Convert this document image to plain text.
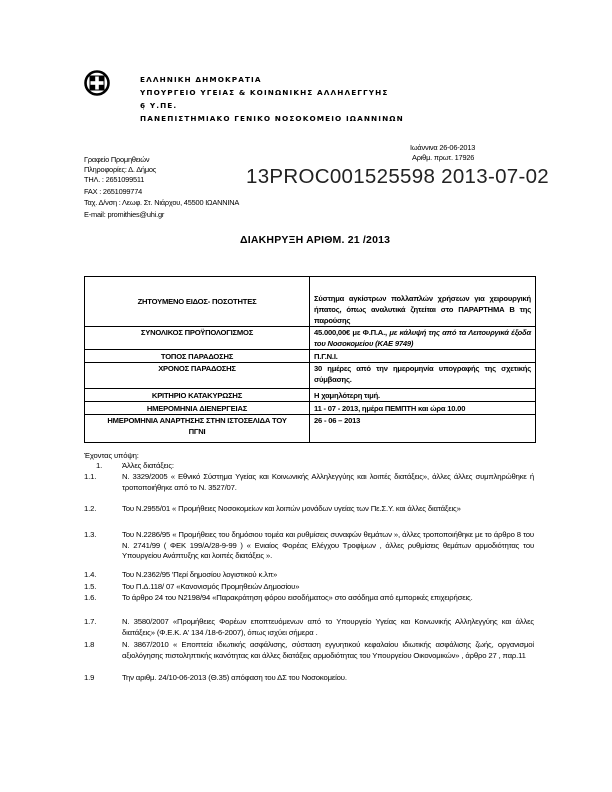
ΕΛΛΗΝΙΚΗ ΔΗΜΟΚΡΑΤΙΑ
ΥΠΟΥΡΓΕΙΟ ΥΓΕΙΑΣ & ΚΟΙΝΩΝΙΚΗΣ ΑΛΛΗΛΕΓΓΥΗΣ
6ͅ Υ.ΠΕ.
ΠΑΝΕΠΙΣΤΗΜΙΑΚΟ ΓΕΝΙΚΟ ΝΟΣΟΚΟΜΕΙΟ ΙΩΑΝΝΙΝΩΝ
Ιωάννινα 26-06-2013
Αριθμ. πρωτ. 17926
Γραφείο Προμηθειών
Πληροφορίες: Δ. Δήμος
ΤΗΛ. : 2651099511
FAX : 2651099774
Ταχ. Δ/νση : Λεωφ. Στ. Νιάρχου, 45500 ΙΩΑΝΝΙΝΑ
E-mail: promithies@uhi.gr
13PROC001525598 2013-07-02
ΔΙΑΚΗΡΥΞΗ ΑΡΙΘΜ. 21 /2013
ΖΗΤΟΥΜΕΝΟ ΕΙΔΟΣ- ΠΟΣΟΤΗΤΕΣ	Σύστημα αγκίστρων πολλαπλών χρήσεων για χειρουργική ήπατος, όπως αναλυτικά ζητείται στο ΠΑΡΑΡΤΗΜΑ Β της παρούσης
ΣΥΝΟΛΙΚΟΣ ΠΡΟΫΠΟΛΟΓΙΣΜΟΣ	45.000,00€ με Φ.Π.Α., με κάλυψή της από τα Λειτουργικά έξοδα του Νοσοκομείου (ΚΑΕ 9749)
ΤΟΠΟΣ ΠΑΡΑΔΟΣΗΣ	Π.Γ.Ν.Ι.
ΧΡΟΝΟΣ ΠΑΡΑΔΟΣΗΣ	30 ημέρες από την ημερομηνία υπογραφής της σχετικής σύμβασης.
ΚΡΙΤΗΡΙΟ ΚΑΤΑΚΥΡΩΣΗΣ	Η χαμηλότερη τιμή.
ΗΜΕΡΟΜΗΝΙΑ ΔΙΕΝΕΡΓΕΙΑΣ	11 - 07 - 2013, ημέρα ΠΕΜΠΤΗ και ώρα 10.00
ΗΜΕΡΟΜΗΝΙΑ ΑΝΑΡΤΗΣΗΣ ΣΤΗΝ ΙΣΤΟΣΕΛΙΔΑ ΤΟΥ ΠΓΝΙ	26 - 06 – 2013
Έχοντας υπόψη:
1.	Άλλες διατάξεις:
1.1.	Ν. 3329/2005 « Εθνικό Σύστημα Υγείας και Κοινωνικής Αλληλεγγύης και λοιπές διατάξεις», άλλες άλλες συμπληρώθηκε ή τροποποιήθηκε από το Ν. 3527/07.
1.2.	Του Ν.2955/01 « Προμήθειες Νοσοκομείων και λοιπών μονάδων υγείας των Πε.Σ.Υ. και άλλες διατάξεις»
1.3.	Του Ν.2286/95 « Προμήθειες του δημόσιου τομέα και ρυθμίσεις συναφών θεμάτων », άλλες τροποποιήθηκε με το άρθρο 8 του Ν. 2741/99 ( ΦΕΚ 199/Α/28-9-99 ) « Ενιαίος Φορέας Ελέγχου Τροφίμων , άλλες ρυθμίσεις θεμάτων αρμοδιότητας του Υπουργείου Ανάπτυξης και λοιπές διατάξεις ».
1.4.	Του Ν.2362/95 'Περί δημοσίου λογιστικού κ.λπ»
1.5.	Του Π.Δ.118/ 07 «Κανονισμός Προμηθειών Δημοσίου»
1.6.	Το άρθρο 24 του Ν2198/94 «Παρακράτηση φόρου εισοδήματος» στο ασόδημα από εμπορικές επιχειρήσεις.
1.7.	Ν. 3580/2007 «Προμήθειες Φορέων εποπτευόμενων από το Υπουργείο Υγείας και Κοινωνικής Αλληλεγγύης και άλλες διατάξεις» (Φ.Ε.Κ. Α' 134 /18-6-2007), όπως ισχύει σήμερα .
1.8	Ν. 3867/2010 « Εποπτεία ιδιωτικής ασφάλισης, σύσταση εγγυητικού κεφαλαίου ιδιωτικής ασφάλισης ζωής, οργανισμοί αξιολόγησης πιστοληπτικής ικανότητας και άλλες διατάξεις αρμοδιότητας του Υπουργείου Οικονομικών» , άρθρο 27 , παρ.11
1.9	Την αριθμ. 24/10-06-2013 (Θ.35) απόφαση του ΔΣ του Νοσοκομείου.
